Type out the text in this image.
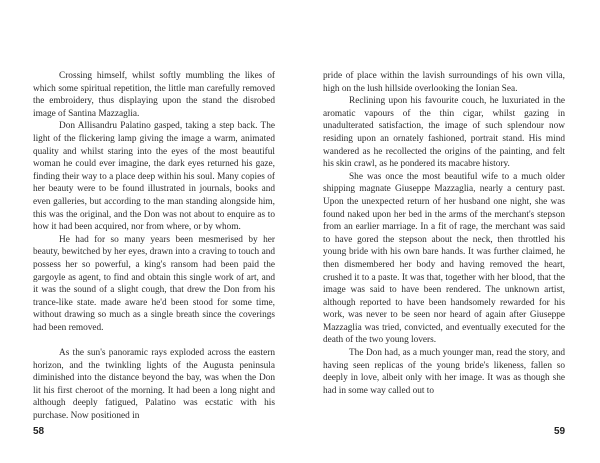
Crossing himself, whilst softly mumbling the likes of which some spiritual repetition, the little man carefully removed the embroidery, thus displaying upon the stand the disrobed image of Santina Mazzaglia.

Don Allisandru Palatino gasped, taking a step back. The light of the flickering lamp giving the image a warm, animated quality and whilst staring into the eyes of the most beautiful woman he could ever imagine, the dark eyes returned his gaze, finding their way to a place deep within his soul. Many copies of her beauty were to be found illustrated in journals, books and even galleries, but according to the man standing alongside him, this was the original, and the Don was not about to enquire as to how it had been acquired, nor from where, or by whom.

He had for so many years been mesmerised by her beauty, bewitched by her eyes, drawn into a craving to touch and possess her so powerful, a king's ransom had been paid the gargoyle as agent, to find and obtain this single work of art, and it was the sound of a slight cough, that drew the Don from his trance-like state. made aware he'd been stood for some time, without drawing so much as a single breath since the coverings had been removed.

As the sun's panoramic rays exploded across the eastern horizon, and the twinkling lights of the Augusta peninsula diminished into the distance beyond the bay, was when the Don lit his first cheroot of the morning. It had been a long night and although deeply fatigued, Palatino was ecstatic with his purchase. Now positioned in

58

pride of place within the lavish surroundings of his own villa, high on the lush hillside overlooking the Ionian Sea.

Reclining upon his favourite couch, he luxuriated in the aromatic vapours of the thin cigar, whilst gazing in unadulterated satisfaction, the image of such splendour now residing upon an ornately fashioned, portrait stand. His mind wandered as he recollected the origins of the painting, and felt his skin crawl, as he pondered its macabre history.

She was once the most beautiful wife to a much older shipping magnate Giuseppe Mazzaglia, nearly a century past. Upon the unexpected return of her husband one night, she was found naked upon her bed in the arms of the merchant's stepson from an earlier marriage. In a fit of rage, the merchant was said to have gored the stepson about the neck, then throttled his young bride with his own bare hands. It was further claimed, he then dismembered her body and having removed the heart, crushed it to a paste. It was that, together with her blood, that the image was said to have been rendered. The unknown artist, although reported to have been handsomely rewarded for his work, was never to be seen nor heard of again after Giuseppe Mazzaglia was tried, convicted, and eventually executed for the death of the two young lovers.

The Don had, as a much younger man, read the story, and having seen replicas of the young bride's likeness, fallen so deeply in love, albeit only with her image. It was as though she had in some way called out to

59
